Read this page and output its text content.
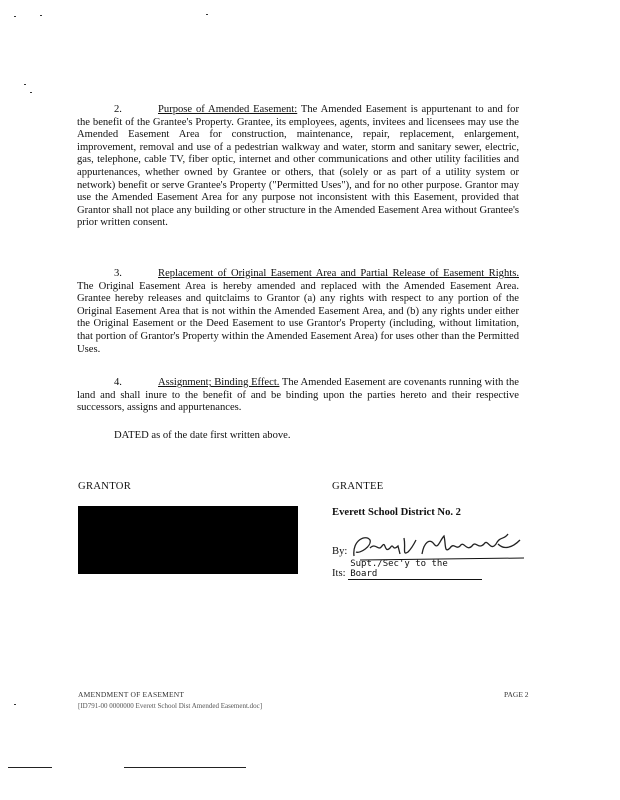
2.	Purpose of Amended Easement: The Amended Easement is appurtenant to and for the benefit of the Grantee's Property. Grantee, its employees, agents, invitees and licensees may use the Amended Easement Area for construction, maintenance, repair, replacement, enlargement, improvement, removal and use of a pedestrian walkway and water, storm and sanitary sewer, electric, gas, telephone, cable TV, fiber optic, internet and other communications and other utility facilities and appurtenances, whether owned by Grantee or others, that (solely or as part of a utility system or network) benefit or serve Grantee's Property ("Permitted Uses"), and for no other purpose. Grantor may use the Amended Easement Area for any purpose not inconsistent with this Easement, provided that Grantor shall not place any building or other structure in the Amended Easement Area without Grantee's prior written consent.

3.	Replacement of Original Easement Area and Partial Release of Easement Rights. The Original Easement Area is hereby amended and replaced with the Amended Easement Area. Grantee hereby releases and quitclaims to Grantor (a) any rights with respect to any portion of the Original Easement Area that is not within the Amended Easement Area, and (b) any rights under either the Original Easement or the Deed Easement to use Grantor's Property (including, without limitation, that portion of Grantor's Property within the Amended Easement Area) for uses other than the Permitted Uses.

4.	Assignment; Binding Effect. The Amended Easement are covenants running with the land and shall inure to the benefit of and be binding upon the parties hereto and their respective successors, assigns and appurtenances.

DATED as of the date first written above.
GRANTOR	GRANTEE
Everett School District No. 2
By:
Its: Supt./Sec'y to the Board
AMENDMENT OF EASEMENT
[ID791-00 0000000 Everett School Dist Amended Easement.doc]
PAGE 2
